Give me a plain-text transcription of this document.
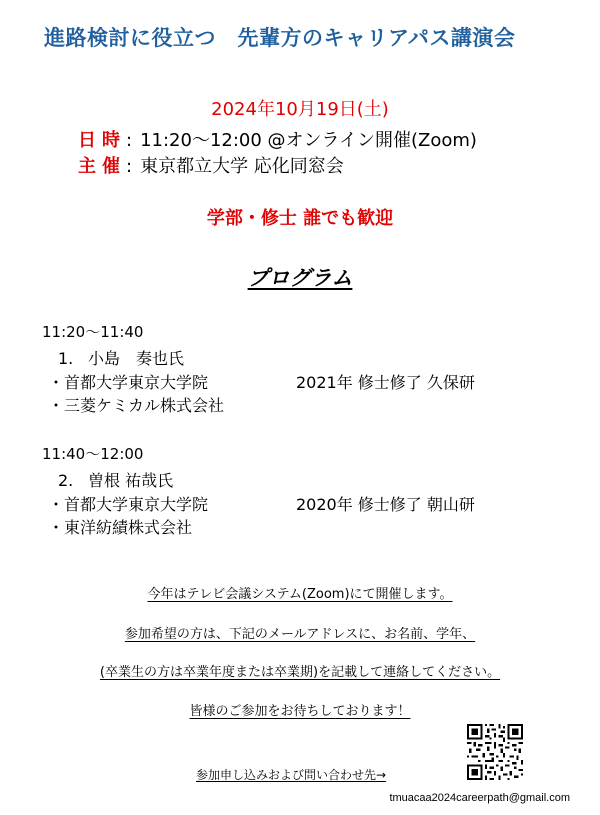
進路検討に役立つ　先輩方のキャリアパス講演会
2024年10月19日(土)
日時: 11:20～12:00 @オンライン開催(Zoom)
主催: 東京都立大学 応化同窓会
学部・修士 誰でも歓迎
プログラム
11:20～11:40
1. 小島　奏也氏
・首都大学東京大学院	2021年 修士修了 久保研
・三菱ケミカル株式会社
11:40～12:00
2. 曽根 祐哉氏
・首都大学東京大学院	2020年 修士修了 朝山研
・東洋紡績株式会社
今年はテレビ会議システム(Zoom)にて開催します。
参加希望の方は、下記のメールアドレスに、お名前、学年、
(卒業生の方は卒業年度または卒業期)を記載して連絡してください。
皆様のご参加をお待ちしております！
参加申し込みおよび問い合わせ先→
tmuacaa2024careerpath@gmail.com
